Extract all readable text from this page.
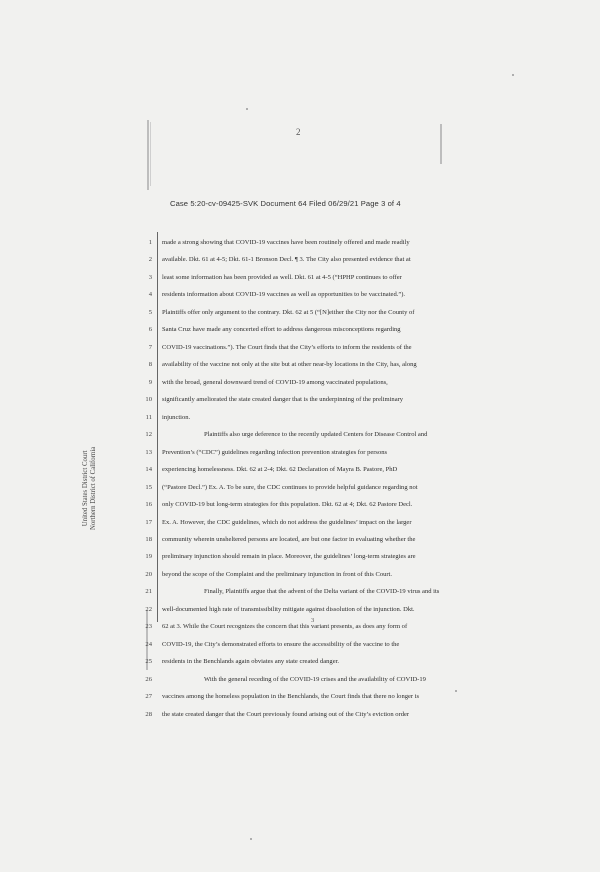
2
Case 5:20-cv-09425-SVK Document 64 Filed 06/29/21 Page 3 of 4
United States District Court Northern District of California
1
2
3
4
5
6
7
8
9
10
11
12
13
14
15
16
17
18
19
20
21
22
23
24
25
26
27
28
made a strong showing that COVID-19 vaccines have been routinely offered and made readily
available. Dkt. 61 at 4-5; Dkt. 61-1 Bronson Decl. ¶ 3. The City also presented evidence that at
least some information has been provided as well. Dkt. 61 at 4-5 (“HPHP continues to offer
residents information about COVID-19 vaccines as well as opportunities to be vaccinated.”).
Plaintiffs offer only argument to the contrary. Dkt. 62 at 5 (“[N]either the City nor the County of
Santa Cruz have made any concerted effort to address dangerous misconceptions regarding
COVID-19 vaccinations.”). The Court finds that the City’s efforts to inform the residents of the
availability of the vaccine not only at the site but at other near-by locations in the City, has, along
with the broad, general downward trend of COVID-19 among vaccinated populations,
significantly ameliorated the state created danger that is the underpinning of the preliminary
injunction.
Plaintiffs also urge deference to the recently updated Centers for Disease Control and
Prevention’s (“CDC”) guidelines regarding infection prevention strategies for persons
experiencing homelessness. Dkt. 62 at 2-4; Dkt. 62 Declaration of Mayra B. Pastore, PhD
(“Pastore Decl.”) Ex. A. To be sure, the CDC continues to provide helpful guidance regarding not
only COVID-19 but long-term strategies for this population. Dkt. 62 at 4; Dkt. 62 Pastore Decl.
Ex. A. However, the CDC guidelines, which do not address the guidelines’ impact on the larger
community wherein unsheltered persons are located, are but one factor in evaluating whether the
preliminary injunction should remain in place. Moreover, the guidelines’ long-term strategies are
beyond the scope of the Complaint and the preliminary injunction in front of this Court.
Finally, Plaintiffs argue that the advent of the Delta variant of the COVID-19 virus and its
well-documented high rate of transmissibility mitigate against dissolution of the injunction. Dkt.
62 at 3. While the Court recognizes the concern that this variant presents, as does any form of
COVID-19, the City’s demonstrated efforts to ensure the accessibility of the vaccine to the
residents in the Benchlands again obviates any state created danger.
With the general receding of the COVID-19 crises and the availability of COVID-19
vaccines among the homeless population in the Benchlands, the Court finds that there no longer is
the state created danger that the Court previously found arising out of the City’s eviction order
3
